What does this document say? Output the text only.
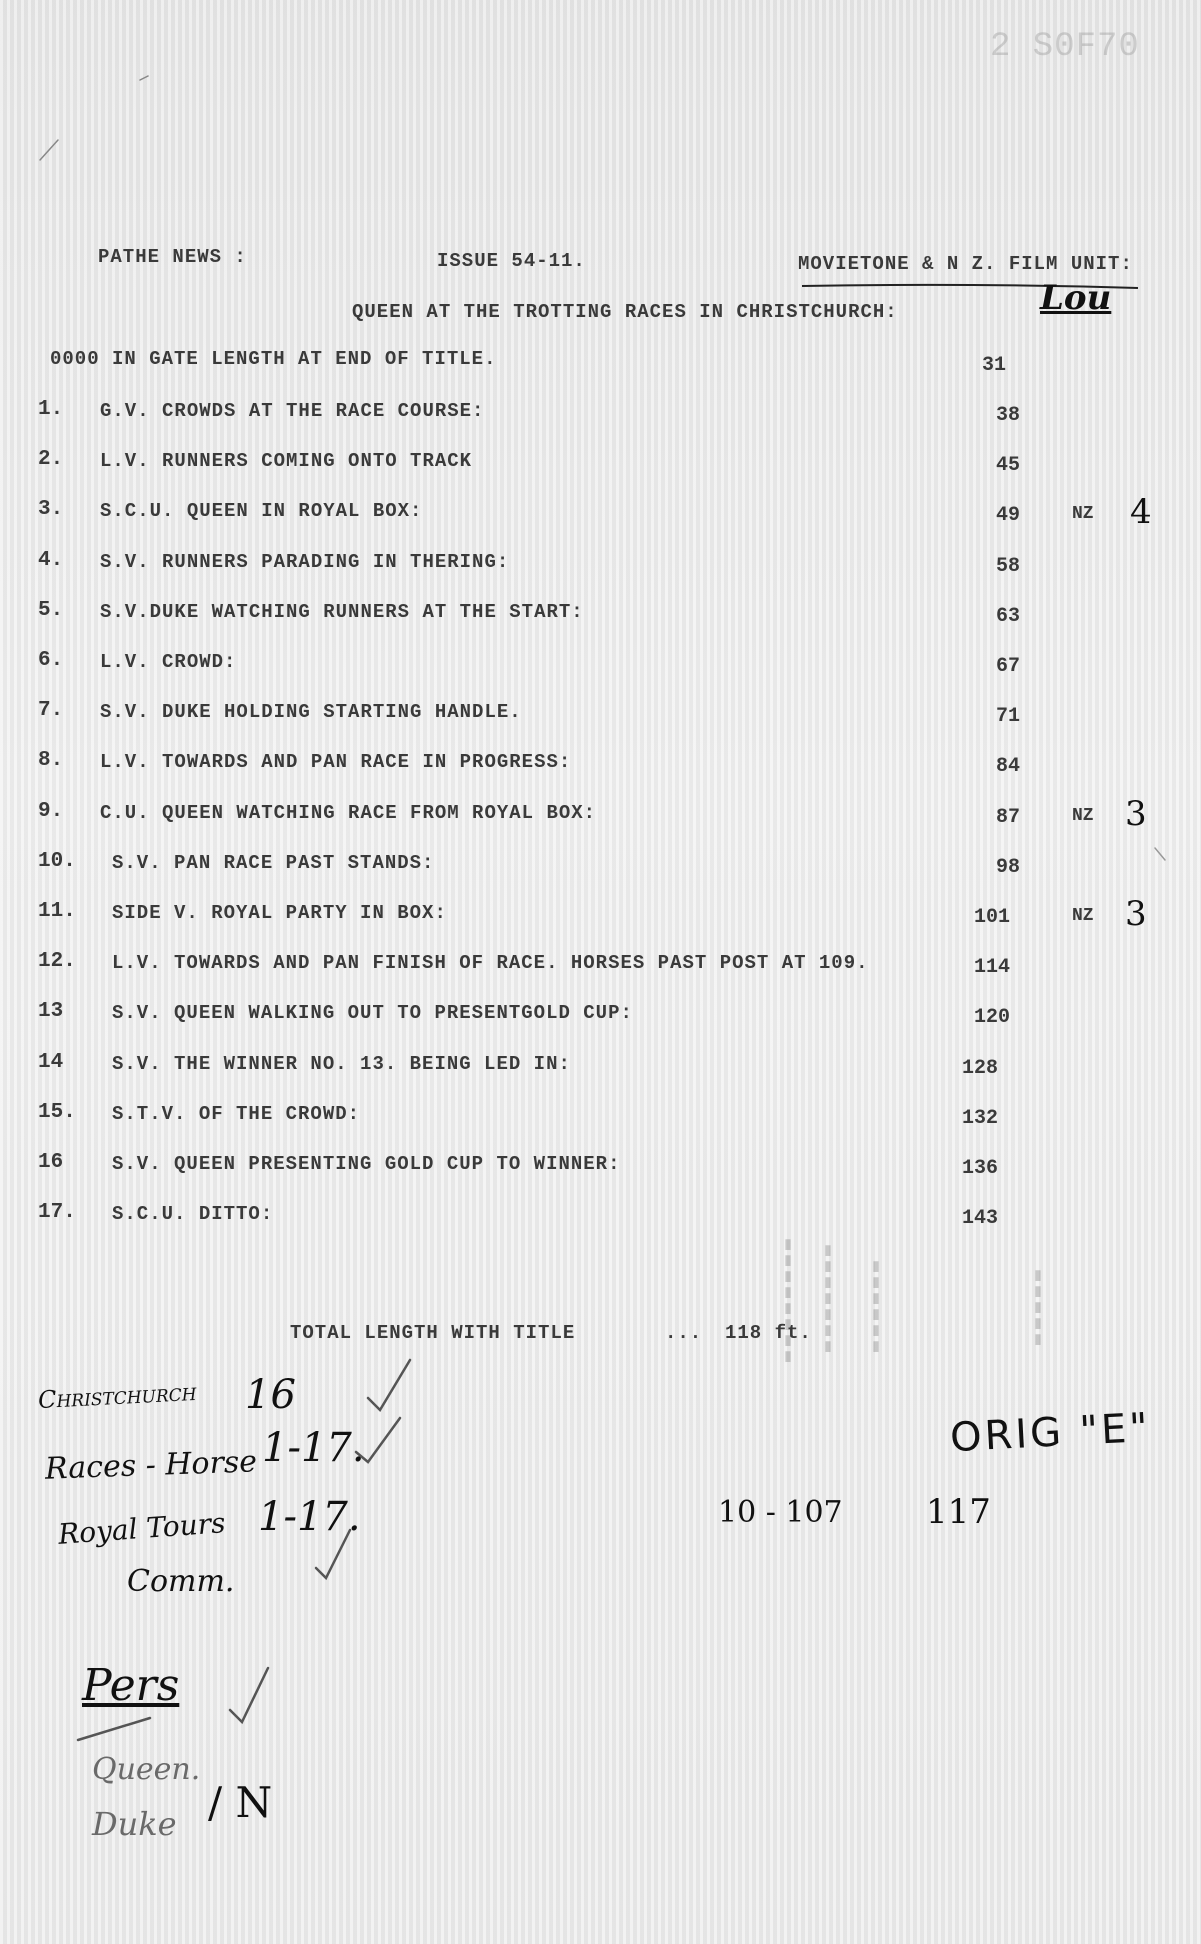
2 S0F70
PATHE NEWS :	ISSUE 54-11.	MOVIETONE & N Z. FILM UNIT:
Lou
QUEEN AT THE TROTTING RACES IN CHRISTCHURCH:
0000 IN GATE LENGTH AT END OF TITLE.	31
1. G.V. CROWDS AT THE RACE COURSE:	38
2. L.V. RUNNERS COMING ONTO TRACK	45
3. S.C.U. QUEEN IN ROYAL BOX:	49	NZ 4
4. S.V. RUNNERS PARADING IN THERING:	58
5. S.V.DUKE WATCHING RUNNERS AT THE START:	63
6. L.V. CROWD:	67
7. S.V. DUKE HOLDING STARTING HANDLE.	71
8. L.V. TOWARDS AND PAN RACE IN PROGRESS:	84
9. C.U. QUEEN WATCHING RACE FROM ROYAL BOX:	87	NZ 3
10. S.V. PAN RACE PAST STANDS:	98
11. SIDE V. ROYAL PARTY IN BOX:	101	NZ 3
12. L.V. TOWARDS AND PAN FINISH OF RACE. HORSES PAST POST AT 109.	114
13	S.V. QUEEN WALKING OUT TO PRESENTGOLD CUP:	120
14	S.V. THE WINNER NO. 13. BEING LED IN:	128
15. S.T.V. OF THE CROWD:	132
16	S.V. QUEEN PRESENTING GOLD CUP TO WINNER:	136
17. S.C.U. DITTO:	143
▮▮▮▮▮▮▮▮ ▮▮▮▮▮▮▮ ▮▮▮▮▮▮	▮▮▮▮▮
TOTAL LENGTH WITH TITLE	... 118 ft.
Christchurch 16
Races - Horse 1-17.
Royal Tours 1-17.
Comm.
ORIG "E"
10 - 107 117
Pers
Queen.
Duke / N
